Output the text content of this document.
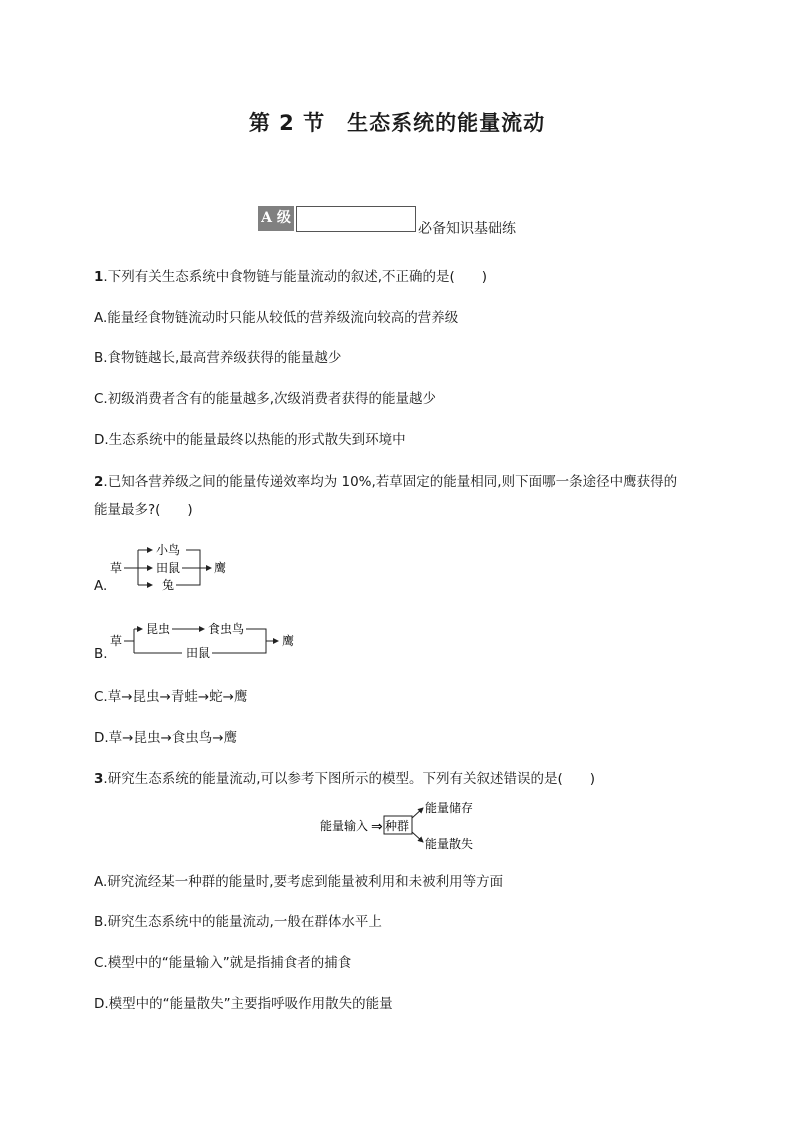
第 2 节　生态系统的能量流动
A 级
必备知识基础练
1.下列有关生态系统中食物链与能量流动的叙述,不正确的是(　　)
A.能量经食物链流动时只能从较低的营养级流向较高的营养级
B.食物链越长,最高营养级获得的能量越少
C.初级消费者含有的能量越多,次级消费者获得的能量越少
D.生态系统中的能量最终以热能的形式散失到环境中
2.已知各营养级之间的能量传递效率均为 10%,若草固定的能量相同,则下面哪一条途径中鹰获得的
能量最多?(　　)
草
小鸟
田鼠
兔
鹰
A.
草
昆虫	食虫鸟
田鼠
鹰
B.
C.草→昆虫→青蛙→蛇→鹰
D.草→昆虫→食虫鸟→鹰
3.研究生态系统的能量流动,可以参考下图所示的模型。下列有关叙述错误的是(　　)
能量输入 ⇒ 种群
能量储存
能量散失
A.研究流经某一种群的能量时,要考虑到能量被利用和未被利用等方面
B.研究生态系统中的能量流动,一般在群体水平上
C.模型中的“能量输入”就是指捕食者的捕食
D.模型中的“能量散失”主要指呼吸作用散失的能量
